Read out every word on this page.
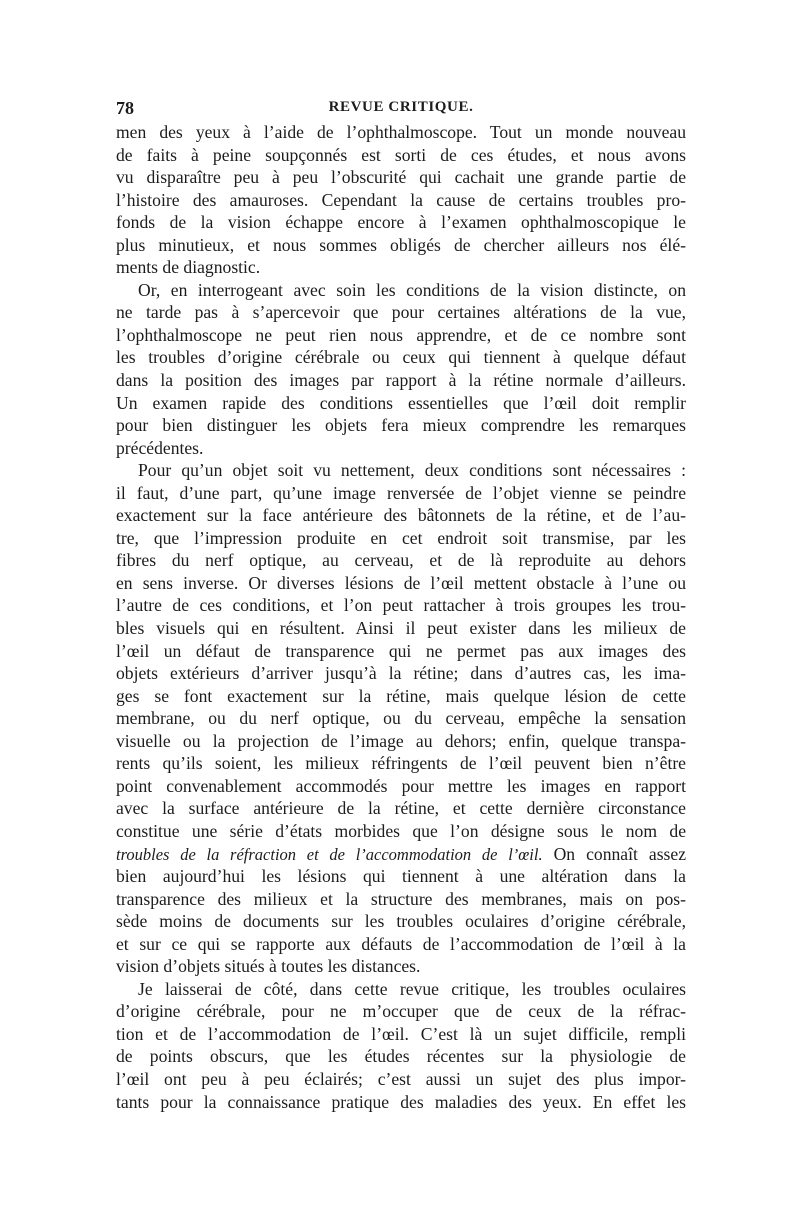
78	REVUE CRITIQUE.
men des yeux à l’aide de l’ophthalmoscope. Tout un monde nouveau
de faits à peine soupçonnés est sorti de ces études, et nous avons
vu disparaître peu à peu l’obscurité qui cachait une grande partie de
l’histoire des amauroses. Cependant la cause de certains troubles pro-
fonds de la vision échappe encore à l’examen ophthalmoscopique le
plus minutieux, et nous sommes obligés de chercher ailleurs nos élé-
ments de diagnostic.
Or, en interrogeant avec soin les conditions de la vision distincte, on
ne tarde pas à s’apercevoir que pour certaines altérations de la vue,
l’ophthalmoscope ne peut rien nous apprendre, et de ce nombre sont
les troubles d’origine cérébrale ou ceux qui tiennent à quelque défaut
dans la position des images par rapport à la rétine normale d’ailleurs.
Un examen rapide des conditions essentielles que l’œil doit remplir
pour bien distinguer les objets fera mieux comprendre les remarques
précédentes.
Pour qu’un objet soit vu nettement, deux conditions sont nécessaires :
il faut, d’une part, qu’une image renversée de l’objet vienne se peindre
exactement sur la face antérieure des bâtonnets de la rétine, et de l’au-
tre, que l’impression produite en cet endroit soit transmise, par les
fibres du nerf optique, au cerveau, et de là reproduite au dehors
en sens inverse. Or diverses lésions de l’œil mettent obstacle à l’une ou
l’autre de ces conditions, et l’on peut rattacher à trois groupes les trou-
bles visuels qui en résultent. Ainsi il peut exister dans les milieux de
l’œil un défaut de transparence qui ne permet pas aux images des
objets extérieurs d’arriver jusqu’à la rétine; dans d’autres cas, les ima-
ges se font exactement sur la rétine, mais quelque lésion de cette
membrane, ou du nerf optique, ou du cerveau, empêche la sensation
visuelle ou la projection de l’image au dehors; enfin, quelque transpa-
rents qu’ils soient, les milieux réfringents de l’œil peuvent bien n’être
point convenablement accommodés pour mettre les images en rapport
avec la surface antérieure de la rétine, et cette dernière circonstance
constitue une série d’états morbides que l’on désigne sous le nom de
troubles de la réfraction et de l’accommodation de l’œil. On connaît assez
bien aujourd’hui les lésions qui tiennent à une altération dans la
transparence des milieux et la structure des membranes, mais on pos-
sède moins de documents sur les troubles oculaires d’origine cérébrale,
et sur ce qui se rapporte aux défauts de l’accommodation de l’œil à la
vision d’objets situés à toutes les distances.
Je laisserai de côté, dans cette revue critique, les troubles oculaires
d’origine cérébrale, pour ne m’occuper que de ceux de la réfrac-
tion et de l’accommodation de l’œil. C’est là un sujet difficile, rempli
de points obscurs, que les études récentes sur la physiologie de
l’œil ont peu à peu éclairés; c’est aussi un sujet des plus impor-
tants pour la connaissance pratique des maladies des yeux. En effet les
